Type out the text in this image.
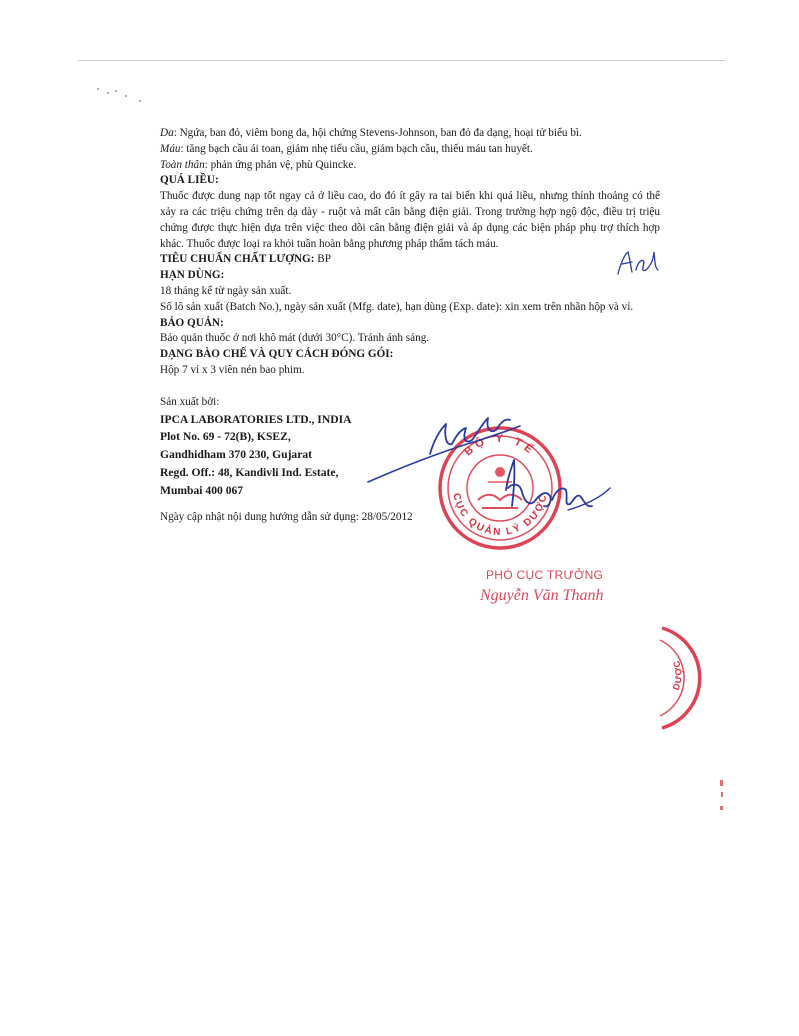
Da: Ngứa, ban đỏ, viêm bong da, hội chứng Stevens-Johnson, ban đỏ đa dạng, hoại tử biểu bì.

Máu: tăng bạch cầu ái toan, giảm nhẹ tiểu cầu, giảm bạch cầu, thiếu máu tan huyết.

Toàn thân: phản ứng phản vệ, phù Quincke.

QUÁ LIỀU:

Thuốc được dung nạp tốt ngay cả ở liều cao, do đó ít gây ra tai biến khi quá liều, nhưng thỉnh thoảng có thể xảy ra các triệu chứng trên dạ dày - ruột và mất cân bằng điện giải. Trong trường hợp ngộ độc, điều trị triệu chứng được thực hiện dựa trên việc theo dõi cân bằng điện giải và áp dụng các biện pháp phụ trợ thích hợp khác. Thuốc được loại ra khỏi tuần hoàn bằng phương pháp thẩm tách máu.

TIÊU CHUẨN CHẤT LƯỢNG: BP

HẠN DÙNG:

18 tháng kể từ ngày sản xuất.

Số lô sản xuất (Batch No.), ngày sản xuất (Mfg. date), hạn dùng (Exp. date): xin xem trên nhãn hộp và vỉ.

BẢO QUẢN:

Bảo quản thuốc ở nơi khô mát (dưới 30°C). Tránh ánh sáng.

DẠNG BÀO CHẾ VÀ QUY CÁCH ĐÓNG GÓI:

Hộp 7 vỉ x 3 viên nén bao phim.

Sản xuất bởi:

IPCA LABORATORIES LTD., INDIA

Plot No. 69 - 72(B), KSEZ,

Gandhidham 370 230, Gujarat

Regd. Off.: 48, Kandivli Ind. Estate,

Mumbai 400 067

Ngày cập nhật nội dung hướng dẫn sử dụng: 28/05/2012

BỘ Y TẾ
CỤC QUẢN LÝ DƯỢC
DƯỢC
PHÓ CỤC TRƯỞNG
Nguyễn Văn Thanh
